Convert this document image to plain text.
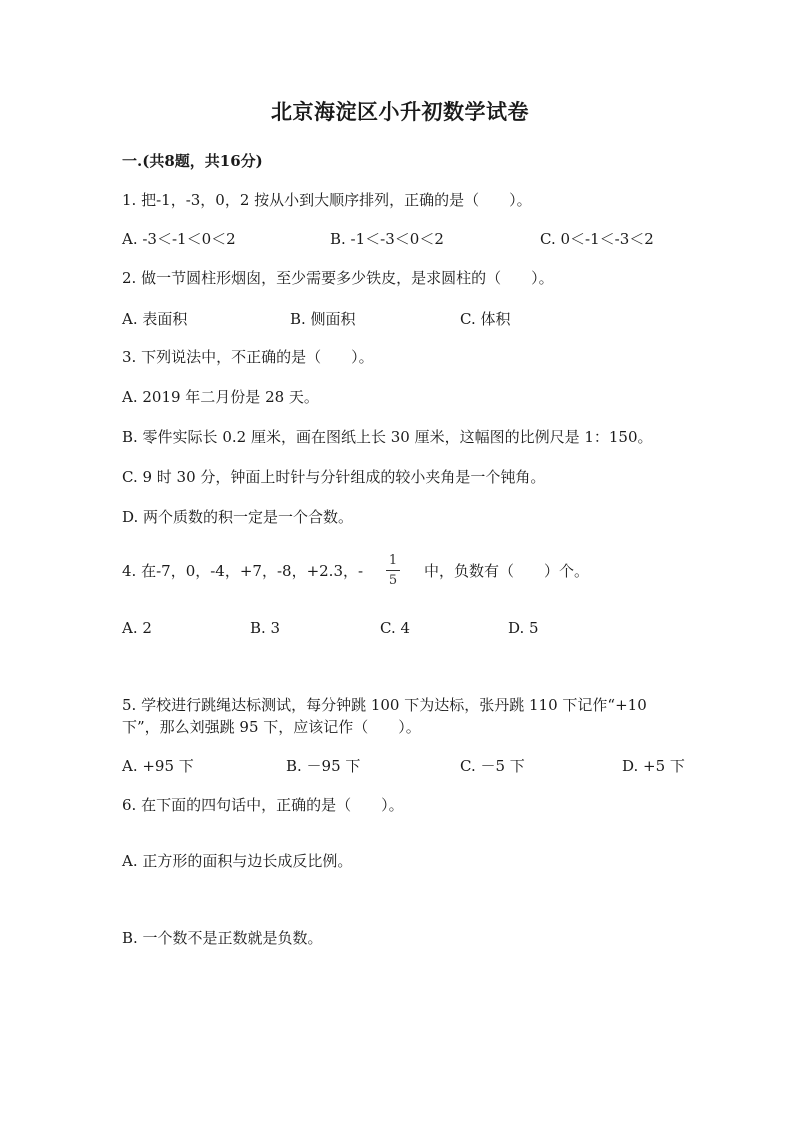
北京海淀区小升初数学试卷
一.(共8题，共16分)
1. 把-1，-3，0，2 按从小到大顺序排列，正确的是（　　）。
A. -3＜-1＜0＜2	B. -1＜-3＜0＜2	C. 0＜-1＜-3＜2
2. 做一节圆柱形烟囱，至少需要多少铁皮，是求圆柱的（　　）。
A. 表面积	B. 侧面积	C. 体积
3. 下列说法中，不正确的是（　　）。
A. 2019 年二月份是 28 天。
B. 零件实际长 0.2 厘米，画在图纸上长 30 厘米，这幅图的比例尺是 1：150。
C. 9 时 30 分，钟面上时针与分针组成的较小夹角是一个钝角。
D. 两个质数的积一定是一个合数。
4. 在-7，0，-4，+7，-8，+2.3，-
1
5
中，负数有（　　）个。
A. 2	B. 3	C. 4	D. 5
5. 学校进行跳绳达标测试，每分钟跳 100 下为达标，张丹跳 110 下记作“+10
下”，那么刘强跳 95 下，应该记作（　　）。
A. +95 下	B. －95 下	C. －5 下	D. +5 下
6. 在下面的四句话中，正确的是（　　）。
A. 正方形的面积与边长成反比例。
B. 一个数不是正数就是负数。
